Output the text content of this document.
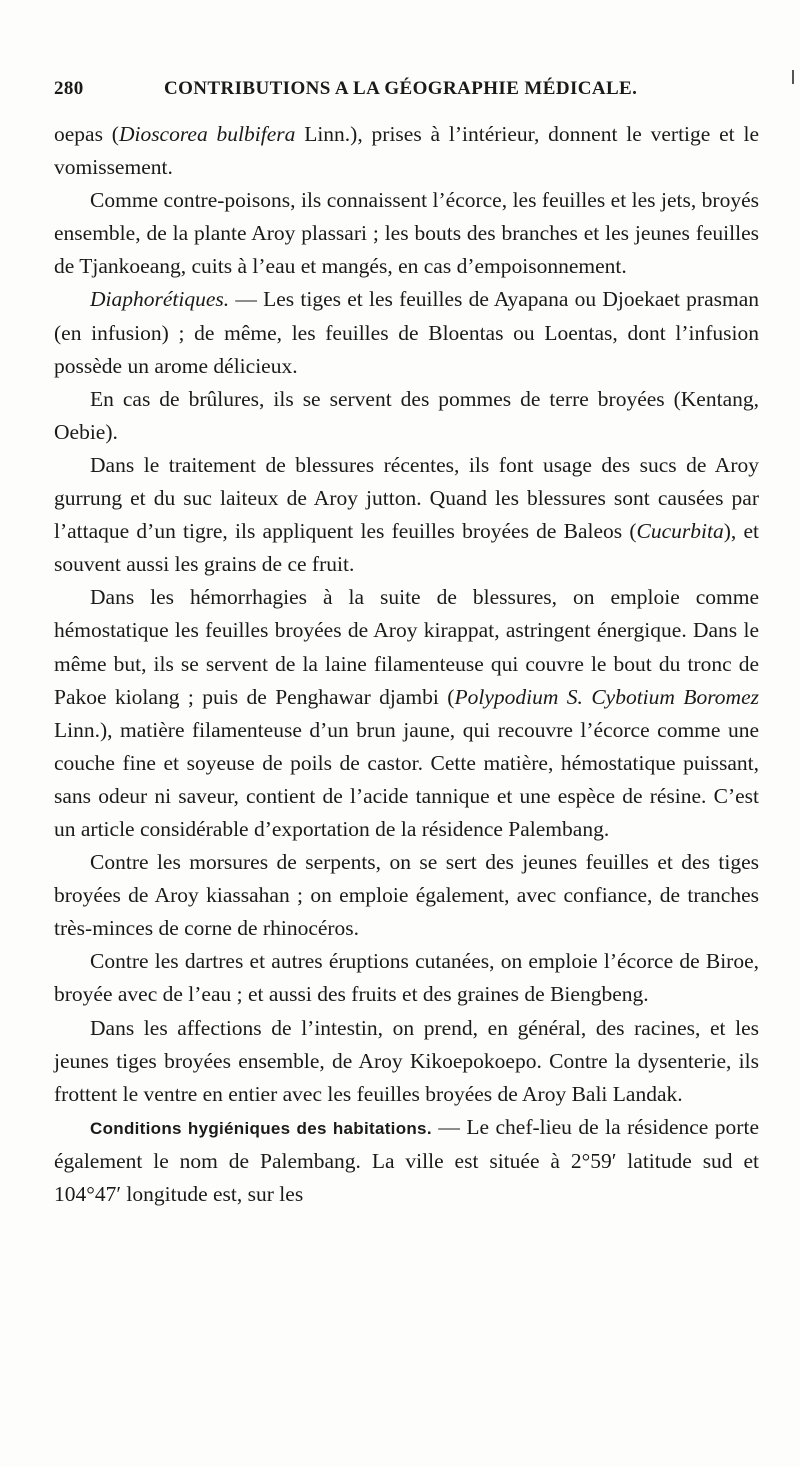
280	CONTRIBUTIONS A LA GÉOGRAPHIE MÉDICALE.

oepas (Dioscorea bulbifera Linn.), prises à l’intérieur, donnent le vertige et le vomissement.

Comme contre-poisons, ils connaissent l’écorce, les feuilles et les jets, broyés ensemble, de la plante Aroy plassari ; les bouts des branches et les jeunes feuilles de Tjankoeang, cuits à l’eau et mangés, en cas d’empoisonnement.

Diaphorétiques. — Les tiges et les feuilles de Ayapana ou Djoekaet prasman (en infusion) ; de même, les feuilles de Bloentas ou Loentas, dont l’infusion possède un arome délicieux.

En cas de brûlures, ils se servent des pommes de terre broyées (Kentang, Oebie).

Dans le traitement de blessures récentes, ils font usage des sucs de Aroy gurrung et du suc laiteux de Aroy jutton. Quand les blessures sont causées par l’attaque d’un tigre, ils appliquent les feuilles broyées de Baleos (Cucurbita), et souvent aussi les grains de ce fruit.

Dans les hémorrhagies à la suite de blessures, on emploie comme hémostatique les feuilles broyées de Aroy kirappat, astringent énergique. Dans le même but, ils se servent de la laine filamenteuse qui couvre le bout du tronc de Pakoe kiolang ; puis de Penghawar djambi (Polypodium S. Cybotium Boromez Linn.), matière filamenteuse d’un brun jaune, qui recouvre l’écorce comme une couche fine et soyeuse de poils de castor. Cette matière, hémostatique puissant, sans odeur ni saveur, contient de l’acide tannique et une espèce de résine. C’est un article considérable d’exportation de la résidence Palembang.

Contre les morsures de serpents, on se sert des jeunes feuilles et des tiges broyées de Aroy kiassahan ; on emploie également, avec confiance, de tranches très-minces de corne de rhinocéros.

Contre les dartres et autres éruptions cutanées, on emploie l’écorce de Biroe, broyée avec de l’eau ; et aussi des fruits et des graines de Biengbeng.

Dans les affections de l’intestin, on prend, en général, des racines, et les jeunes tiges broyées ensemble, de Aroy Kikoepokoepo. Contre la dysenterie, ils frottent le ventre en entier avec les feuilles broyées de Aroy Bali Landak.

Conditions hygiéniques des habitations. — Le chef-lieu de la résidence porte également le nom de Palembang. La ville est située à 2°59′ latitude sud et 104°47′ longitude est, sur les
